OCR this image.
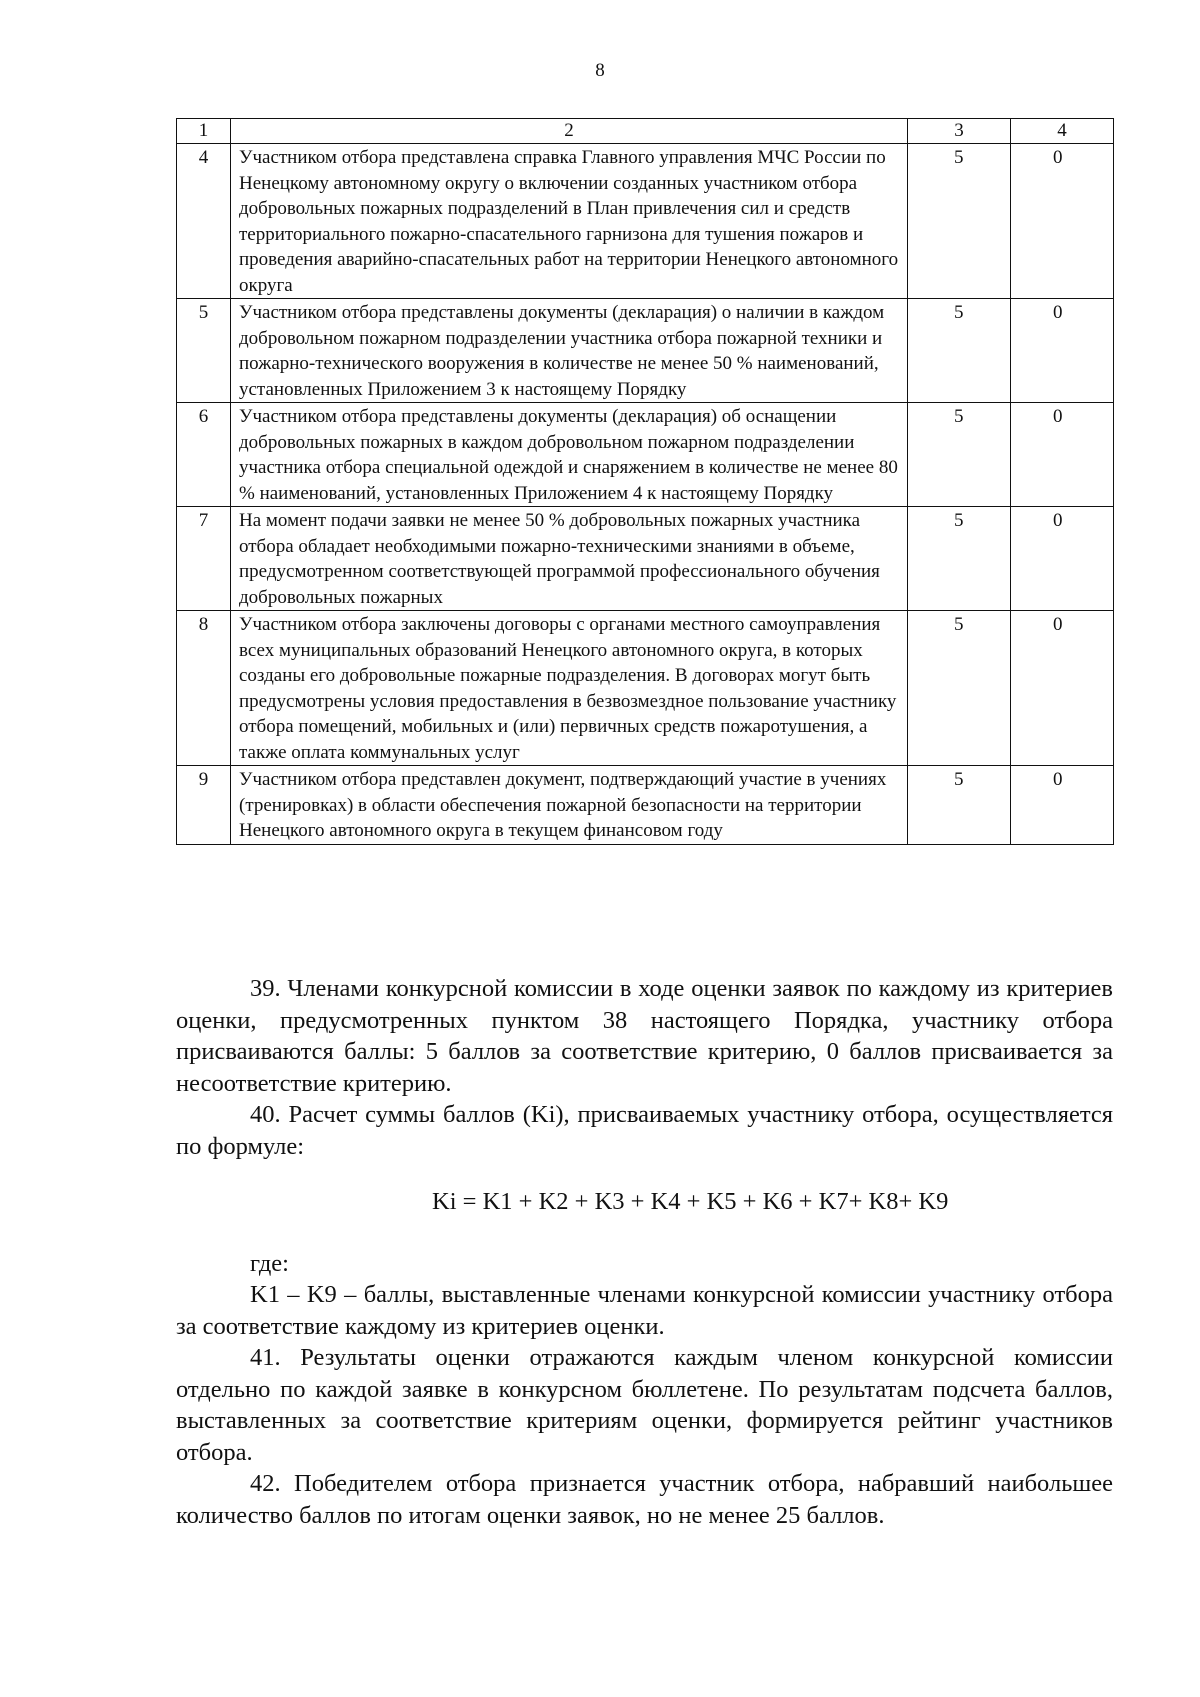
8
1	2	3	4
4	Участником отбора представлена справка Главного управления МЧС России по Ненецкому автономному округу о включении созданных участником отбора добровольных пожарных подразделений в План привлечения сил и средств территориального пожарно-спасательного гарнизона для тушения пожаров и проведения аварийно-спасательных работ на территории Ненецкого автономного округа	5	0
5	Участником отбора представлены документы (декларация) о наличии в каждом добровольном пожарном подразделении участника отбора пожарной техники и пожарно-технического вооружения в количестве не менее 50 % наименований, установленных Приложением 3 к настоящему Порядку	5	0
6	Участником отбора представлены документы (декларация) об оснащении добровольных пожарных в каждом добровольном пожарном подразделении участника отбора специальной одеждой и снаряжением в количестве не менее 80 % наименований, установленных Приложением 4 к настоящему Порядку	5	0
7	На момент подачи заявки не менее 50 % добровольных пожарных участника отбора обладает необходимыми пожарно-техническими знаниями в объеме, предусмотренном соответствующей программой профессионального обучения добровольных пожарных	5	0
8	Участником отбора заключены договоры с органами местного самоуправления всех муниципальных образований Ненецкого автономного округа, в которых созданы его добровольные пожарные подразделения. В договорах могут быть предусмотрены условия предоставления в безвозмездное пользование участнику отбора помещений, мобильных и (или) первичных средств пожаротушения, а также оплата коммунальных услуг	5	0
9	Участником отбора представлен документ, подтверждающий участие в учениях (тренировках) в области обеспечения пожарной безопасности на территории Ненецкого автономного округа в текущем финансовом году	5	0

39. Членами конкурсной комиссии в ходе оценки заявок по каждому из критериев оценки, предусмотренных пунктом 38 настоящего Порядка, участнику отбора присваиваются баллы: 5 баллов за соответствие критерию, 0 баллов присваивается за несоответствие критерию.

40. Расчет суммы баллов (Ki), присваиваемых участнику отбора, осуществляется по формуле:

Ki = K1 + K2 + K3 + K4 + K5 + K6 + K7+ K8+ K9

где:

K1 – K9 – баллы, выставленные членами конкурсной комиссии участнику отбора за соответствие каждому из критериев оценки.

41. Результаты оценки отражаются каждым членом конкурсной комиссии отдельно по каждой заявке в конкурсном бюллетене. По результатам подсчета баллов, выставленных за соответствие критериям оценки, формируется рейтинг участников отбора.

42. Победителем отбора признается участник отбора, набравший наибольшее количество баллов по итогам оценки заявок, но не менее 25 баллов.
